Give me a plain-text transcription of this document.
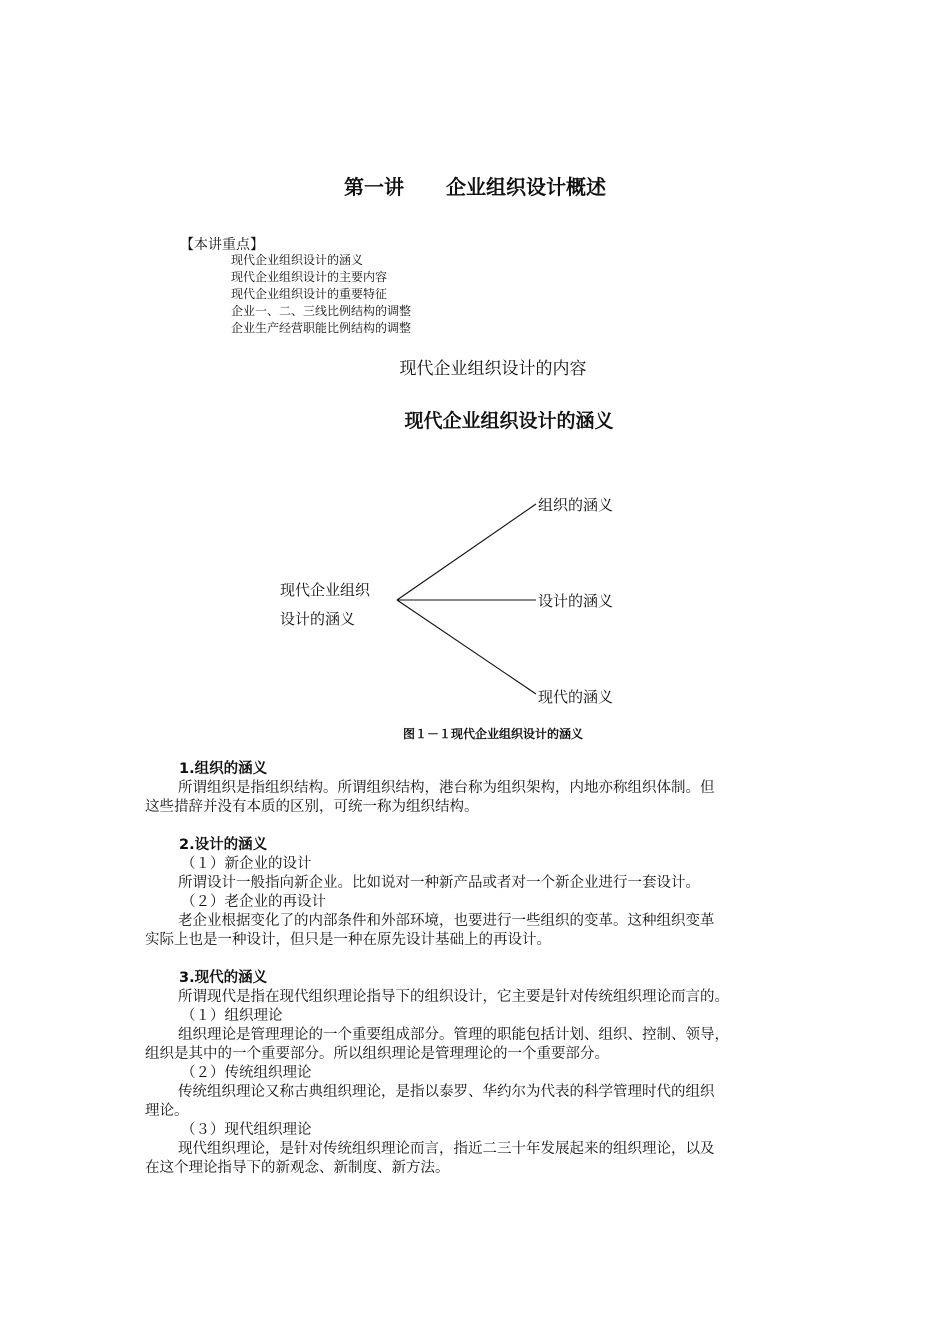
第一讲 企业组织设计概述
【本讲重点】
现代企业组织设计的涵义
现代企业组织设计的主要内容
现代企业组织设计的重要特征
企业一、二、三线比例结构的调整
企业生产经营职能比例结构的调整
现代企业组织设计的内容
现代企业组织设计的涵义
现代企业组织
设计的涵义
组织的涵义
设计的涵义
现代的涵义
图１－１现代企业组织设计的涵义
1.组织的涵义
所谓组织是指组织结构。所谓组织结构，港台称为组织架构，内地亦称组织体制。但
这些措辞并没有本质的区别，可统一称为组织结构。
2.设计的涵义
（１）新企业的设计
所谓设计一般指向新企业。比如说对一种新产品或者对一个新企业进行一套设计。
（２）老企业的再设计
老企业根据变化了的内部条件和外部环境，也要进行一些组织的变革。这种组织变革
实际上也是一种设计，但只是一种在原先设计基础上的再设计。
3.现代的涵义
所谓现代是指在现代组织理论指导下的组织设计，它主要是针对传统组织理论而言的。
（１）组织理论
组织理论是管理理论的一个重要组成部分。管理的职能包括计划、组织、控制、领导，
组织是其中的一个重要部分。所以组织理论是管理理论的一个重要部分。
（２）传统组织理论
传统组织理论又称古典组织理论，是指以泰罗、华约尔为代表的科学管理时代的组织
理论。
（３）现代组织理论
现代组织理论，是针对传统组织理论而言，指近二三十年发展起来的组织理论，以及
在这个理论指导下的新观念、新制度、新方法。
